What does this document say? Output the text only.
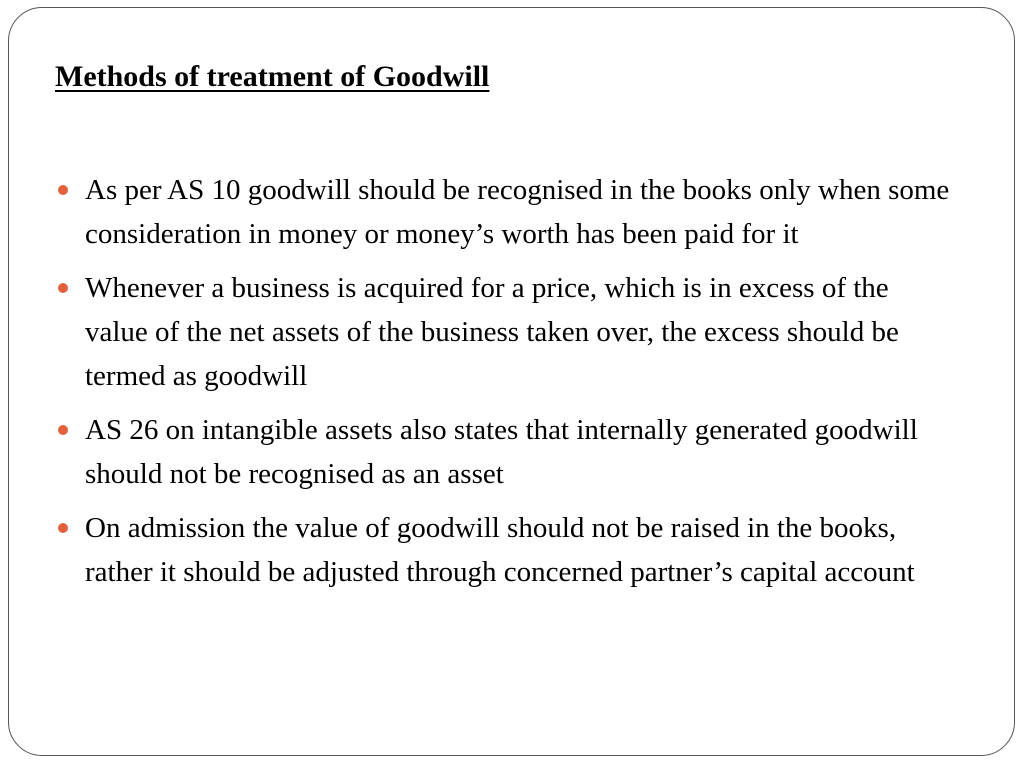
Methods of treatment of Goodwill
As per AS 10 goodwill should be recognised in the books only when some consideration in money or money’s worth has been paid for it
Whenever a business is acquired for a price, which is in excess of the value of the net assets of the business taken over, the excess should be termed as goodwill
AS 26 on intangible assets also states that internally generated goodwill should not be recognised as an asset
On admission the value of goodwill should not be raised in the books, rather it should be adjusted through concerned partner’s capital account
